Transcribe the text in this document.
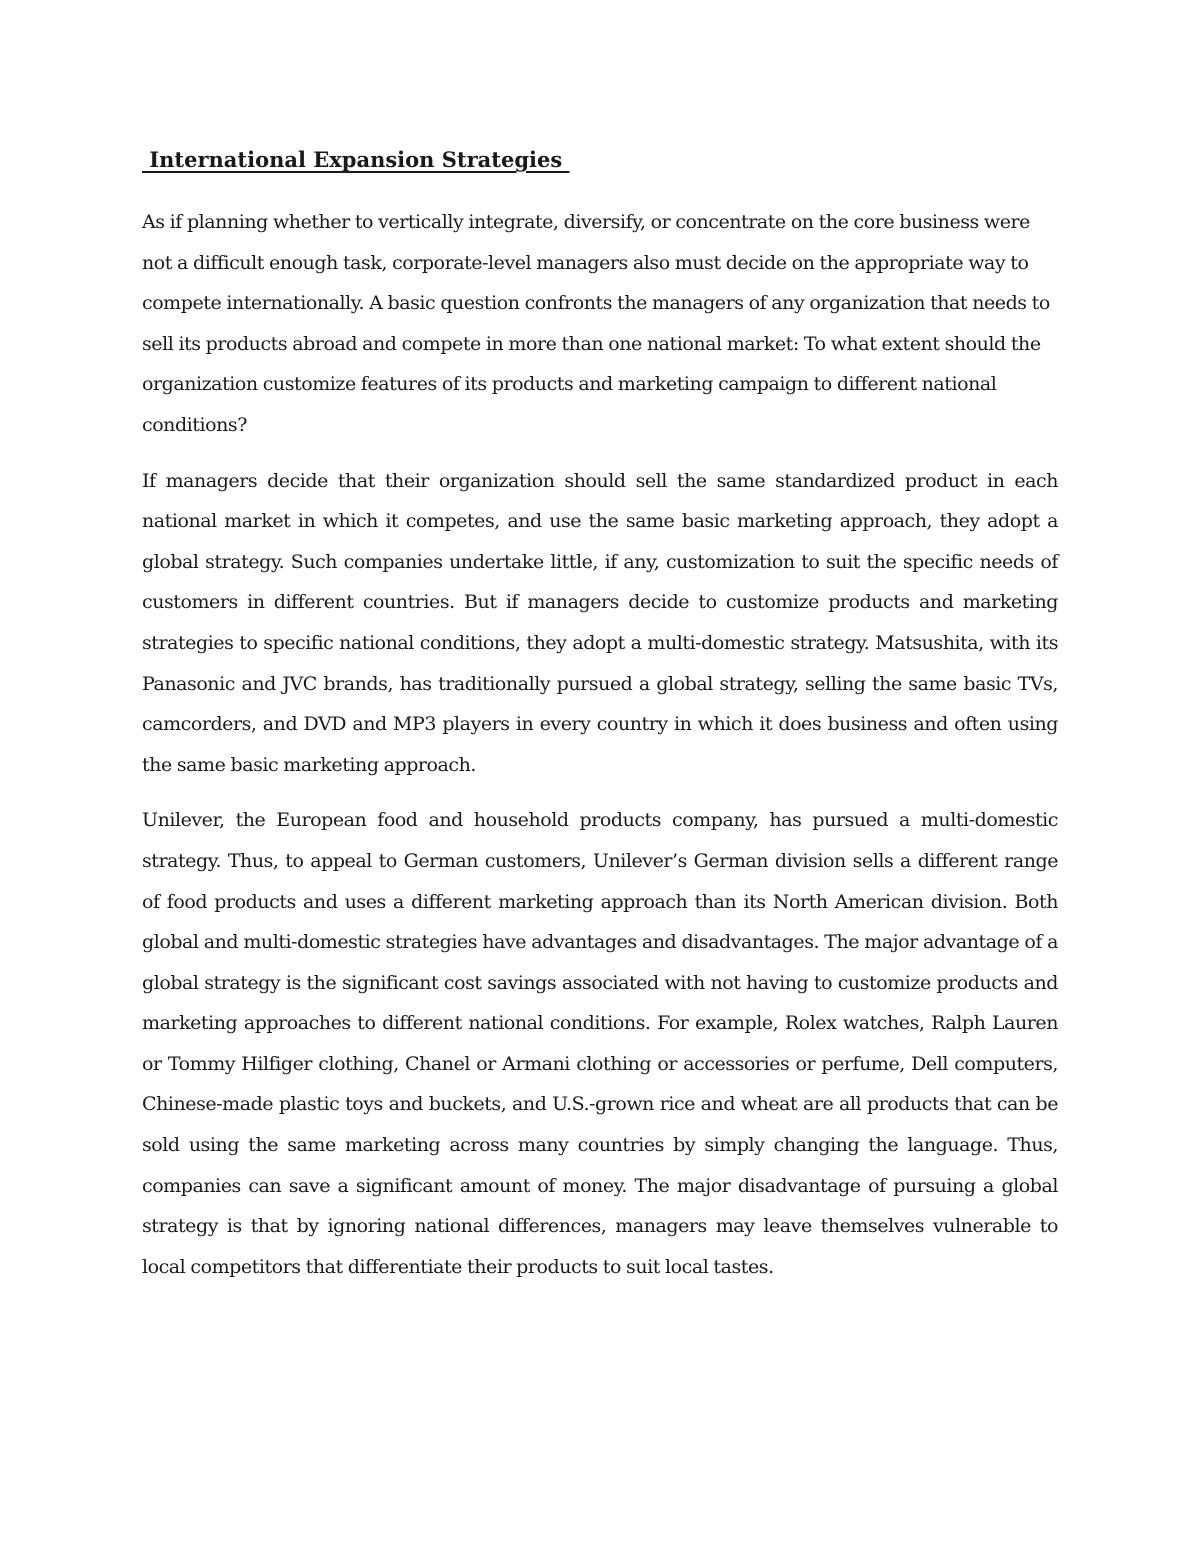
International Expansion Strategies

As if planning whether to vertically integrate, diversify, or concentrate on the core business were not a difficult enough task, corporate-level managers also must decide on the appropriate way to compete internationally. A basic question confronts the managers of any organization that needs to sell its products abroad and compete in more than one national market: To what extent should the organization customize features of its products and marketing campaign to different national conditions?

If managers decide that their organization should sell the same standardized product in each national market in which it competes, and use the same basic marketing approach, they adopt a global strategy. Such companies undertake little, if any, customization to suit the specific needs of customers in different countries. But if managers decide to customize products and marketing strategies to specific national conditions, they adopt a multi-domestic strategy. Matsushita, with its Panasonic and JVC brands, has traditionally pursued a global strategy, selling the same basic TVs, camcorders, and DVD and MP3 players in every country in which it does business and often using the same basic marketing approach.

Unilever, the European food and household products company, has pursued a multi-domestic strategy. Thus, to appeal to German customers, Unilever’s German division sells a different range of food products and uses a different marketing approach than its North American division. Both global and multi-domestic strategies have advantages and disadvantages. The major advantage of a global strategy is the significant cost savings associated with not having to customize products and marketing approaches to different national conditions. For example, Rolex watches, Ralph Lauren or Tommy Hilfiger clothing, Chanel or Armani clothing or accessories or perfume, Dell computers, Chinese-made plastic toys and buckets, and U.S.-grown rice and wheat are all products that can be sold using the same marketing across many countries by simply changing the language. Thus, companies can save a significant amount of money. The major disadvantage of pursuing a global strategy is that by ignoring national differences, managers may leave themselves vulnerable to local competitors that differentiate their products to suit local tastes.
